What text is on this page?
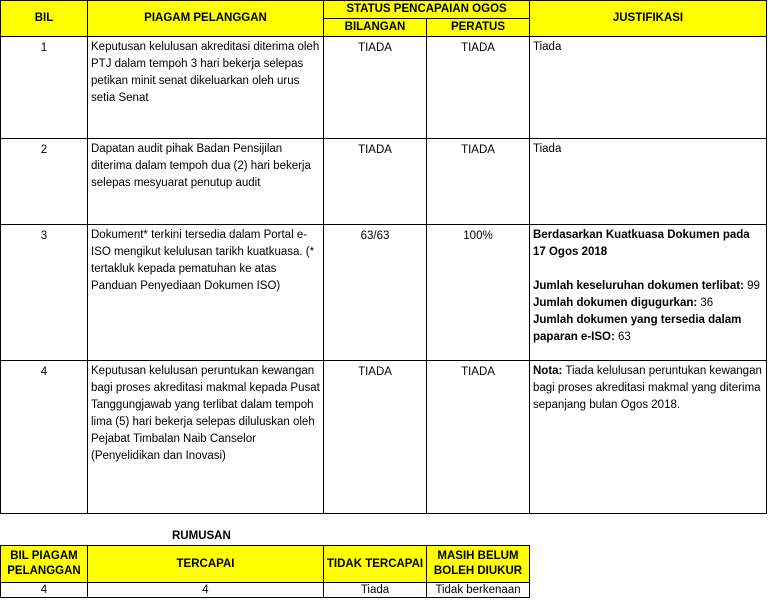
BIL	PIAGAM PELANGGAN	STATUS PENCAPAIAN OGOS		JUSTIFIKASI
		BILANGAN	PERATUS	
1	Keputusan kelulusan akreditasi diterima oleh PTJ dalam tempoh 3 hari bekerja selepas petikan minit senat dikeluarkan oleh urus setia Senat	TIADA	TIADA	Tiada
2	Dapatan audit pihak Badan Pensijilan diterima dalam tempoh dua (2) hari bekerja selepas mesyuarat penutup audit	TIADA	TIADA	Tiada
3	Dokument* terkini tersedia dalam Portal e-ISO mengikut kelulusan tarikh kuatkuasa. (* tertakluk kepada pematuhan ke atas Panduan Penyediaan Dokumen ISO)	63/63	100%	Berdasarkan Kuatkuasa Dokumen pada 17 Ogos 2018

Jumlah keseluruhan dokumen terlibat: 99

Jumlah dokumen digugurkan: 36

Jumlah dokumen yang tersedia dalam paparan e-ISO: 63

4	Keputusan kelulusan peruntukan kewangan bagi proses akreditasi makmal kepada Pusat Tanggungjawab yang terlibat dalam tempoh lima (5) hari bekerja selepas diluluskan oleh Pejabat Timbalan Naib Canselor (Penyelidikan dan Inovasi)	TIADA	TIADA	Nota: Tiada kelulusan peruntukan kewangan bagi proses akreditasi makmal yang diterima sepanjang bulan Ogos 2018.
RUMUSAN
BIL PIAGAM PELANGGAN	TERCAPAI	TIDAK TERCAPAI	MASIH BELUM BOLEH DIUKUR
4	4	Tiada	Tidak berkenaan
